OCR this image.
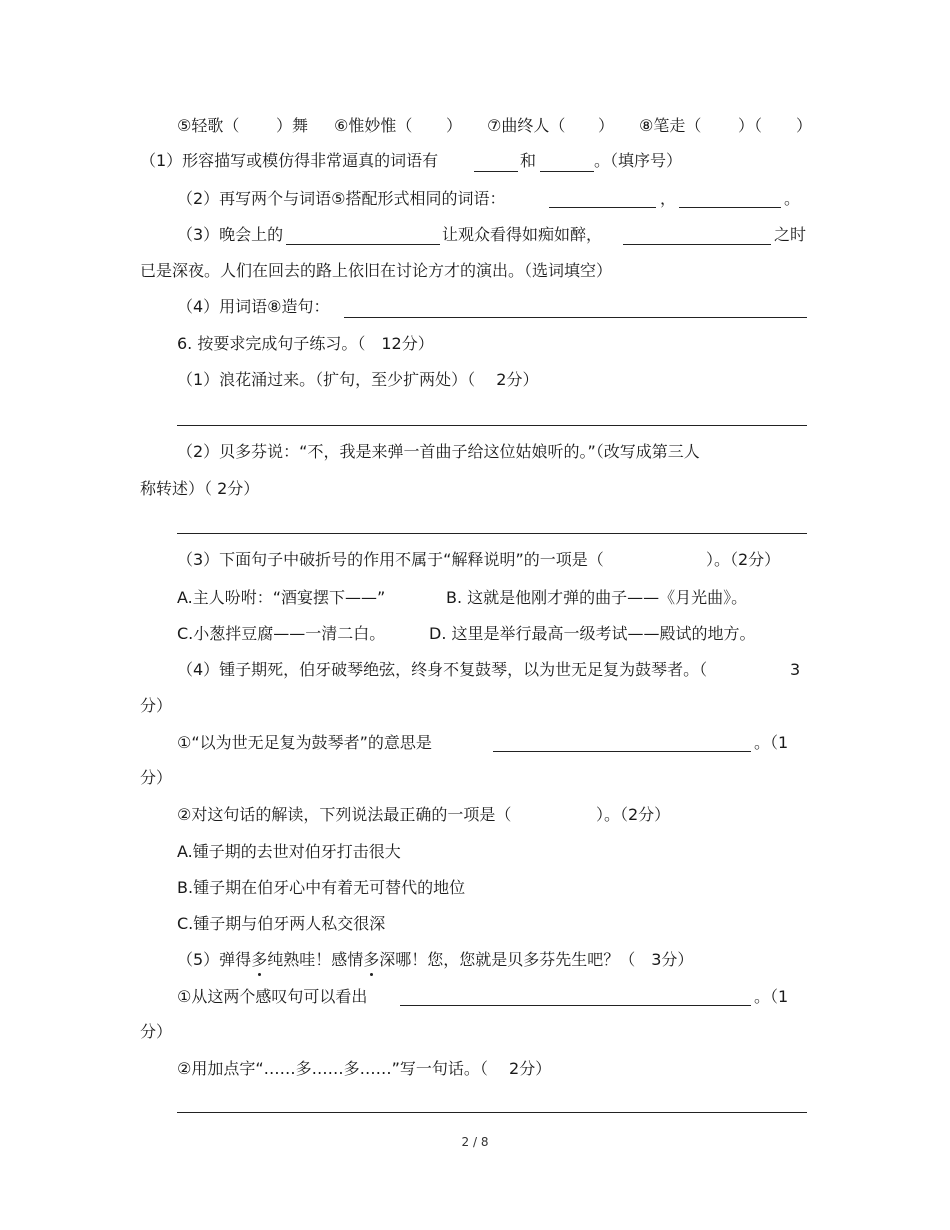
⑤轻歌（ ）舞 ⑥惟妙惟（ ） ⑦曲终人（ ） ⑧笔走（ ）（ ）
（1）形容描写或模仿得非常逼真的词语有	和	。（填序号）
（2）再写两个与词语⑤搭配形式相同的词语：	，	。
（3）晚会上的	让观众看得如痴如醉，	之时
已是深夜。人们在回去的路上依旧在讨论方才的演出。（选词填空）
（4）用词语⑧造句：
6. 按要求完成句子练习。（　12分）
（1）浪花涌过来。（扩句，至少扩两处）（　 2分）
（2）贝多芬说：“不，我是来弹一首曲子给这位姑娘听的。”（改写成第三人
称转述）（ 2分）
（3）下面句子中破折号的作用不属于“解释说明”的一项是（	）。（2分）
A.主人吩咐：“酒宴摆下——”	B. 这就是他刚才弹的曲子——《月光曲》。
C.小葱拌豆腐——一清二白。	D. 这里是举行最高一级考试——殿试的地方。
（4）锺子期死，伯牙破琴绝弦，终身不复鼓琴，以为世无足复为鼓琴者。（	3
分）
①“以为世无足复为鼓琴者”的意思是	。（1
分）
②对这句话的解读，下列说法最正确的一项是（	）。（2分）
A.锺子期的去世对伯牙打击很大
B.锺子期在伯牙心中有着无可替代的地位
C.锺子期与伯牙两人私交很深
（5）弹得多纯熟哇！感情多深哪！您，您就是贝多芬先生吧？（　3分）
①从这两个感叹句可以看出	。（1
分）
②用加点字“……多……多……”写一句话。（　 2分）
2 / 8
